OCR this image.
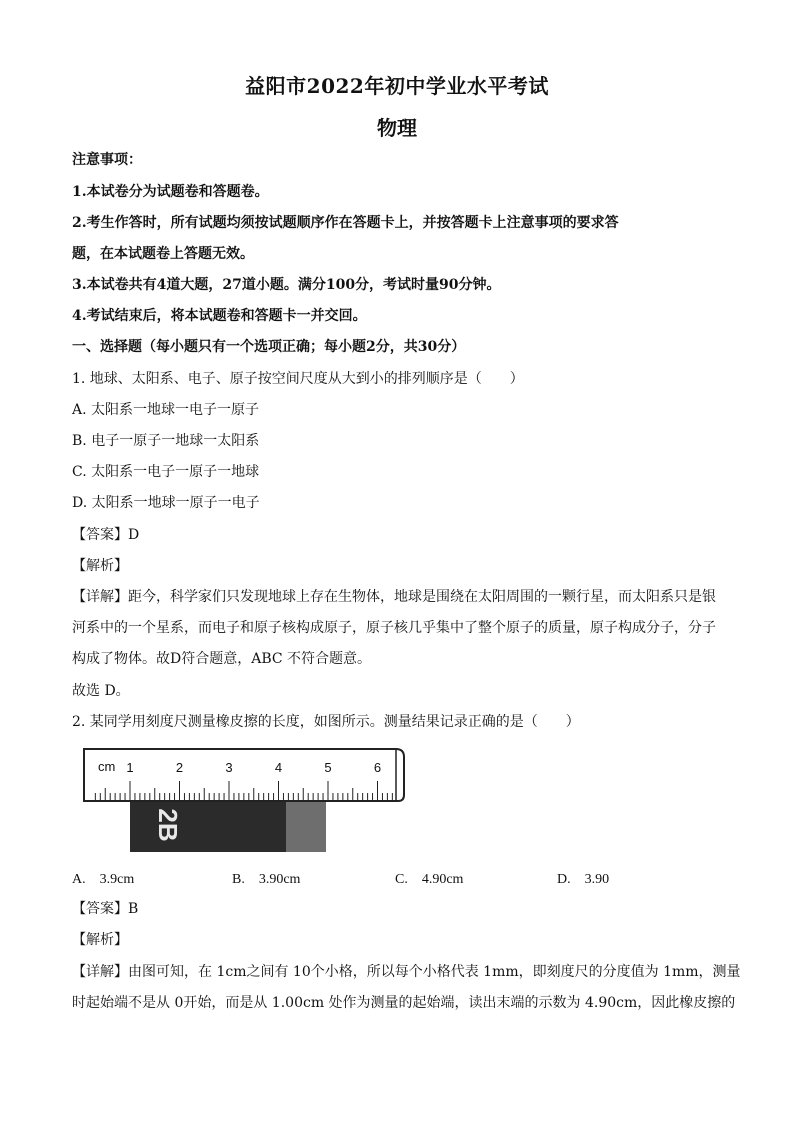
益阳市2022年初中学业水平考试
物理
注意事项：
1.本试卷分为试题卷和答题卷。
2.考生作答时，所有试题均须按试题顺序作在答题卡上，并按答题卡上注意事项的要求答
题，在本试题卷上答题无效。
3.本试卷共有4道大题，27道小题。满分100分，考试时量90分钟。
4.考试结束后，将本试题卷和答题卡一并交回。
一、选择题（每小题只有一个选项正确；每小题2分，共30分）
1. 地球、太阳系、电子、原子按空间尺度从大到小的排列顺序是（　　）
A. 太阳系一地球一电子一原子
B. 电子一原子一地球一太阳系
C. 太阳系一电子一原子一地球
D. 太阳系一地球一原子一电子
【答案】D
【解析】
【详解】距今，科学家们只发现地球上存在生物体，地球是围绕在太阳周围的一颗行星，而太阳系只是银
河系中的一个星系，而电子和原子核构成原子，原子核几乎集中了整个原子的质量，原子构成分子，分子
构成了物体。故D符合题意，ABC 不符合题意。
故选 D。
2. 某同学用刻度尺测量橡皮擦的长度，如图所示。测量结果记录正确的是（　　）
2B
cm 1	2	3	4	5	6
A.　3.9cm	B.　3.90cm	C.　4.90cm	D.　3.90
【答案】B
【解析】
【详解】由图可知，在 1cm之间有 10个小格，所以每个小格代表 1mm，即刻度尺的分度值为 1mm，测量
时起始端不是从 0开始，而是从 1.00cm 处作为测量的起始端，读出末端的示数为 4.90cm，因此橡皮擦的
